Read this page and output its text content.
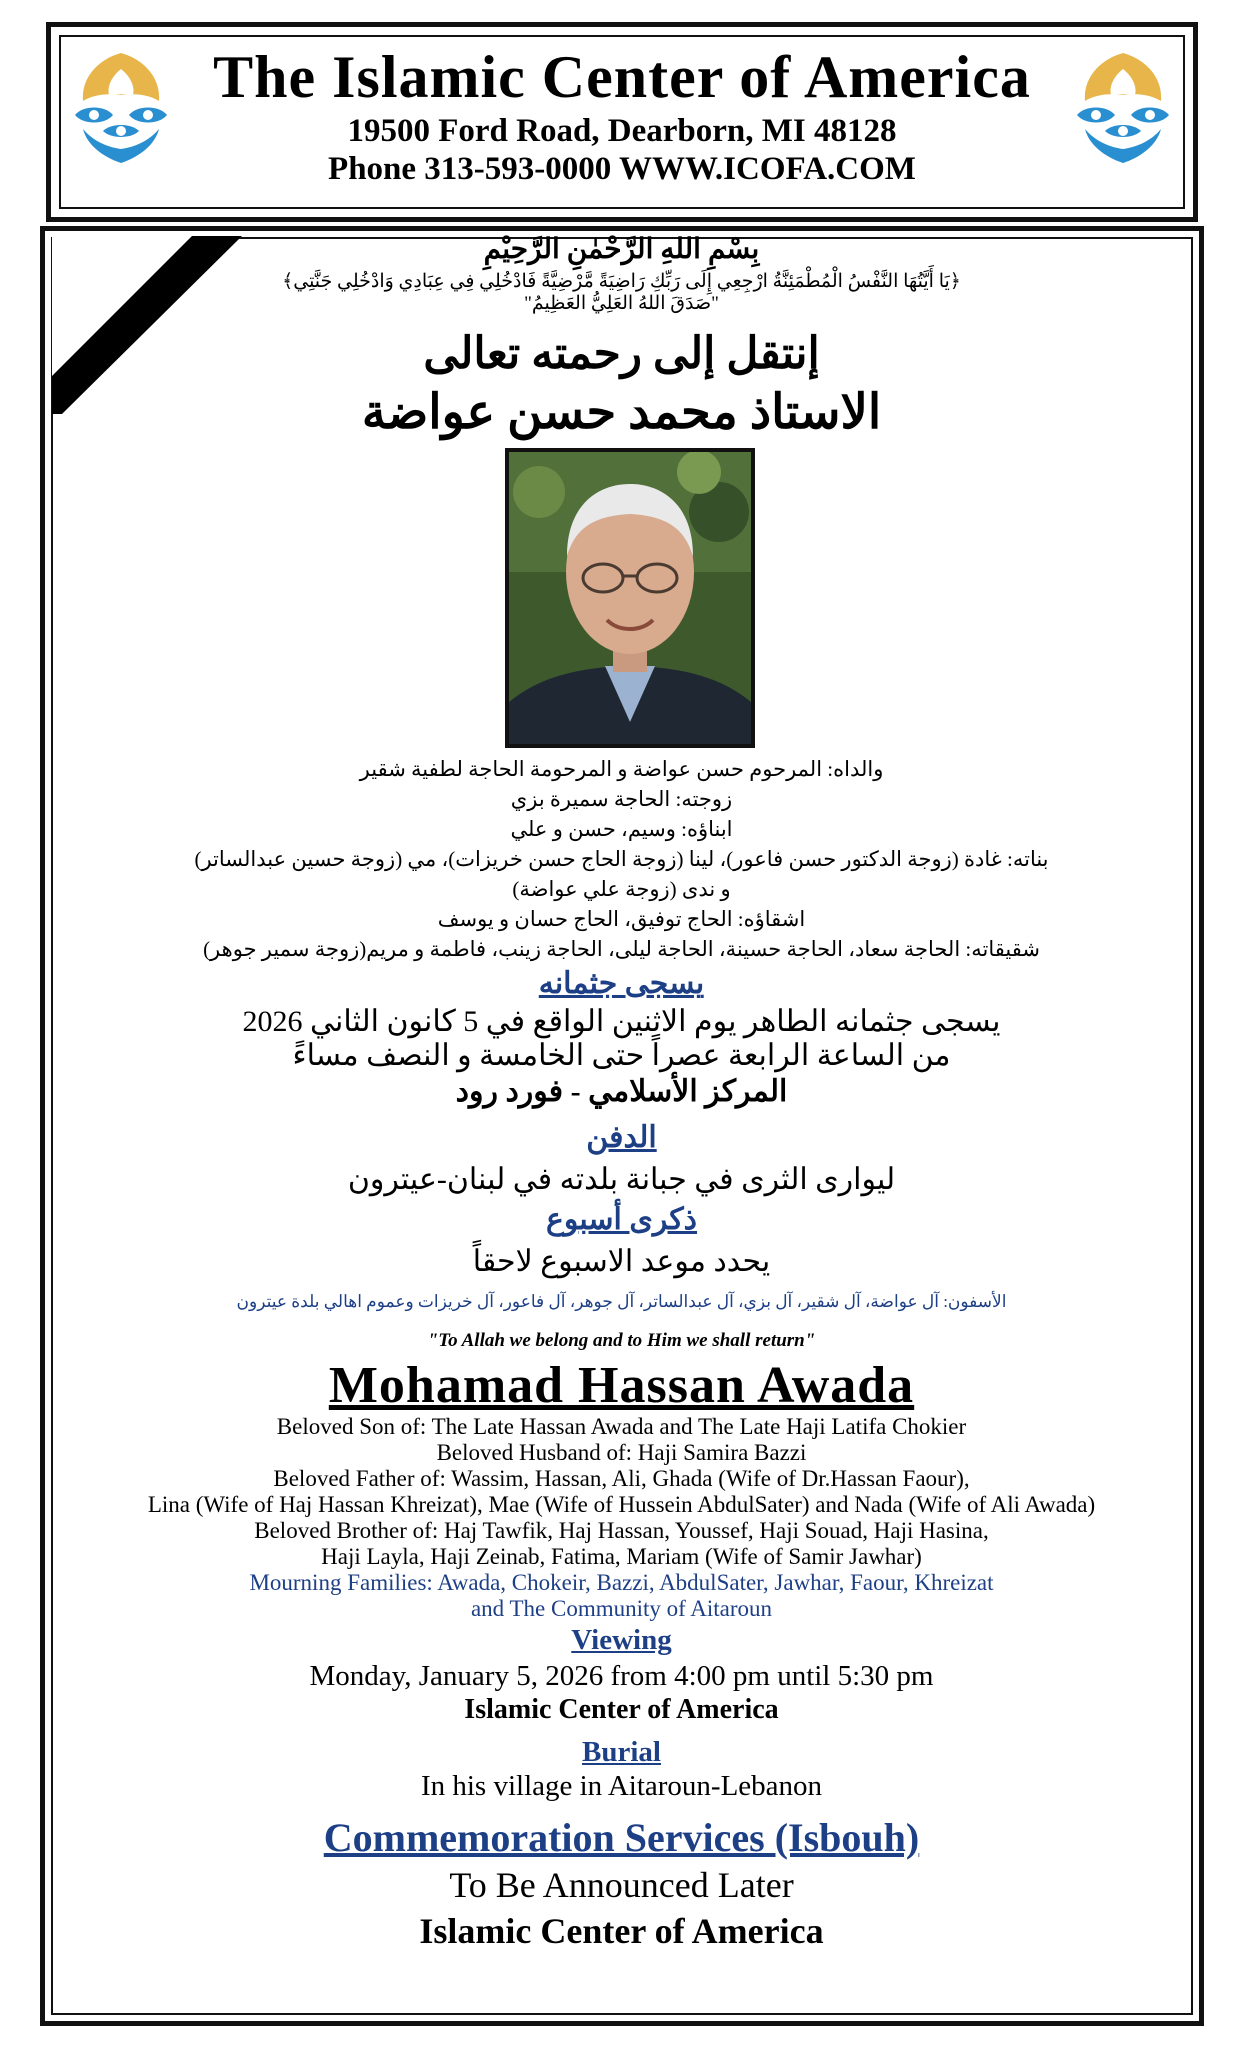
The Islamic Center of America
19500 Ford Road, Dearborn, MI 48128
Phone 313-593-0000 WWW.ICOFA.COM
بِسْمِ اللهِ الرَّحْمٰنِ الرَّحِيْمِ
﴿يَا أَيَّتُهَا النَّفْسُ الْمُطْمَئِنَّةُ ارْجِعِي إِلَى رَبِّكِ رَاضِيَةً مَّرْضِيَّةً فَادْخُلِي فِي عِبَادِي وَادْخُلِي جَنَّتِي﴾
"صَدَقَ اللهُ العَلِيُّ العَظِيمُ"
إنتقل إلى رحمته تعالى
الاستاذ محمد حسن عواضة
والداه: المرحوم حسن عواضة و المرحومة الحاجة لطفية شقير
زوجته: الحاجة سميرة بزي
ابناؤه: وسيم، حسن و علي
بناته: غادة (زوجة الدكتور حسن فاعور)، لينا (زوجة الحاج حسن خريزات)، مي (زوجة حسين عبدالساتر)
و ندى (زوجة علي عواضة)
اشقاؤه: الحاج توفيق، الحاج حسان و يوسف
شقيقاته: الحاجة سعاد، الحاجة حسينة، الحاجة ليلى، الحاجة زينب، فاطمة و مريم(زوجة سمير جوهر)
يسجى جثمانه
يسجى جثمانه الطاهر يوم الاثنين الواقع في 5 كانون الثاني 2026
من الساعة الرابعة عصراً حتى الخامسة و النصف مساءً
المركز الأسلامي - فورد رود
الدفن
ليوارى الثرى في جبانة بلدته في لبنان-عيترون
ذكرى أسبوع
يحدد موعد الاسبوع لاحقاً
الأسفون: آل عواضة، آل شقير، آل بزي، آل عبدالساتر، آل جوهر، آل فاعور، آل خريزات وعموم اهالي بلدة عيترون
"To Allah we belong and to Him we shall return"
Mohamad Hassan Awada
Beloved Son of: The Late Hassan Awada and The Late Haji Latifa Chokier
Beloved Husband of: Haji Samira Bazzi
Beloved Father of: Wassim, Hassan, Ali, Ghada (Wife of Dr.Hassan Faour),
Lina (Wife of Haj Hassan Khreizat), Mae (Wife of Hussein AbdulSater) and Nada (Wife of Ali Awada)
Beloved Brother of: Haj Tawfik, Haj Hassan, Youssef, Haji Souad, Haji Hasina,
Haji Layla, Haji Zeinab, Fatima, Mariam (Wife of Samir Jawhar)
Mourning Families: Awada, Chokeir, Bazzi, AbdulSater, Jawhar, Faour, Khreizat
and The Community of Aitaroun
Viewing
Monday, January 5, 2026 from 4:00 pm until 5:30 pm
Islamic Center of America
Burial
In his village in Aitaroun-Lebanon
Commemoration Services (Isbouh)
To Be Announced Later
Islamic Center of America
